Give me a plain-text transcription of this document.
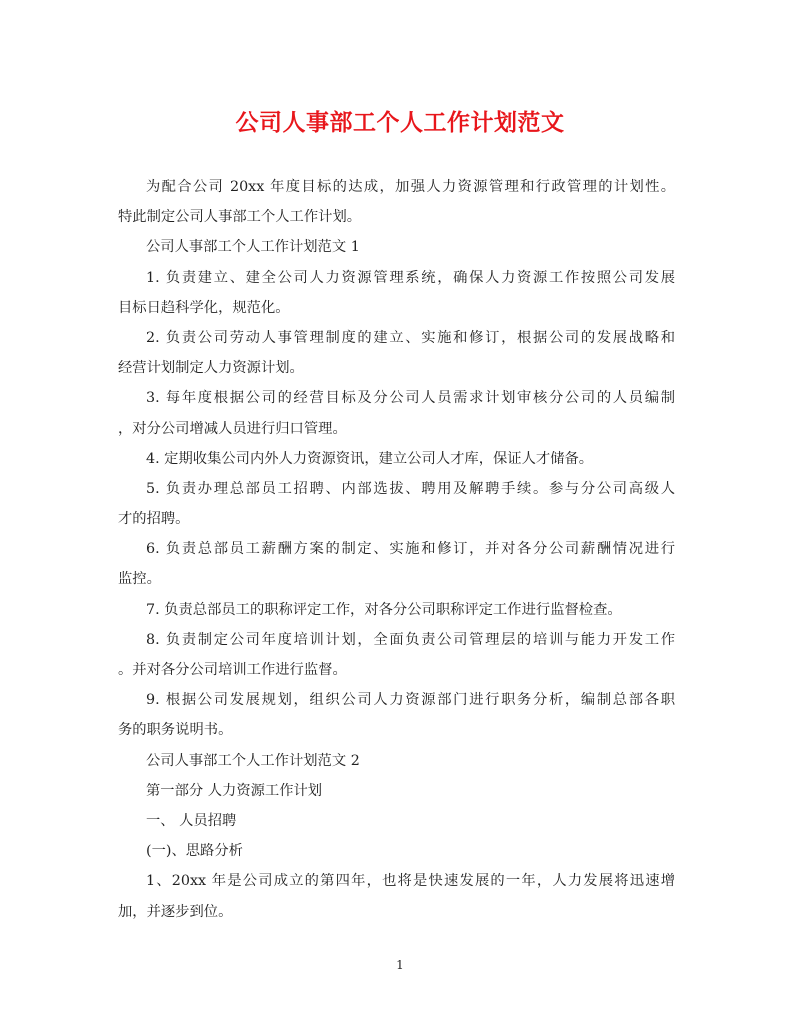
公司人事部工个人工作计划范文
为配合公司 20xx 年度目标的达成，加强人力资源管理和行政管理的计划性。
特此制定公司人事部工个人工作计划。
公司人事部工个人工作计划范文 1
1. 负责建立、建全公司人力资源管理系统，确保人力资源工作按照公司发展
目标日趋科学化，规范化。
2. 负责公司劳动人事管理制度的建立、实施和修订，根据公司的发展战略和
经营计划制定人力资源计划。
3. 每年度根据公司的经营目标及分公司人员需求计划审核分公司的人员编制
，对分公司增减人员进行归口管理。
4. 定期收集公司内外人力资源资讯，建立公司人才库，保证人才储备。
5. 负责办理总部员工招聘、内部选拔、聘用及解聘手续。参与分公司高级人
才的招聘。
6. 负责总部员工薪酬方案的制定、实施和修订，并对各分公司薪酬情况进行
监控。
7. 负责总部员工的职称评定工作，对各分公司职称评定工作进行监督检查。
8. 负责制定公司年度培训计划，全面负责公司管理层的培训与能力开发工作
。并对各分公司培训工作进行监督。
9. 根据公司发展规划，组织公司人力资源部门进行职务分析，编制总部各职
务的职务说明书。
公司人事部工个人工作计划范文 2
第一部分 人力资源工作计划
一、 人员招聘
(一)、思路分析
1、20xx 年是公司成立的第四年，也将是快速发展的一年，人力发展将迅速增
加，并逐步到位。
1
